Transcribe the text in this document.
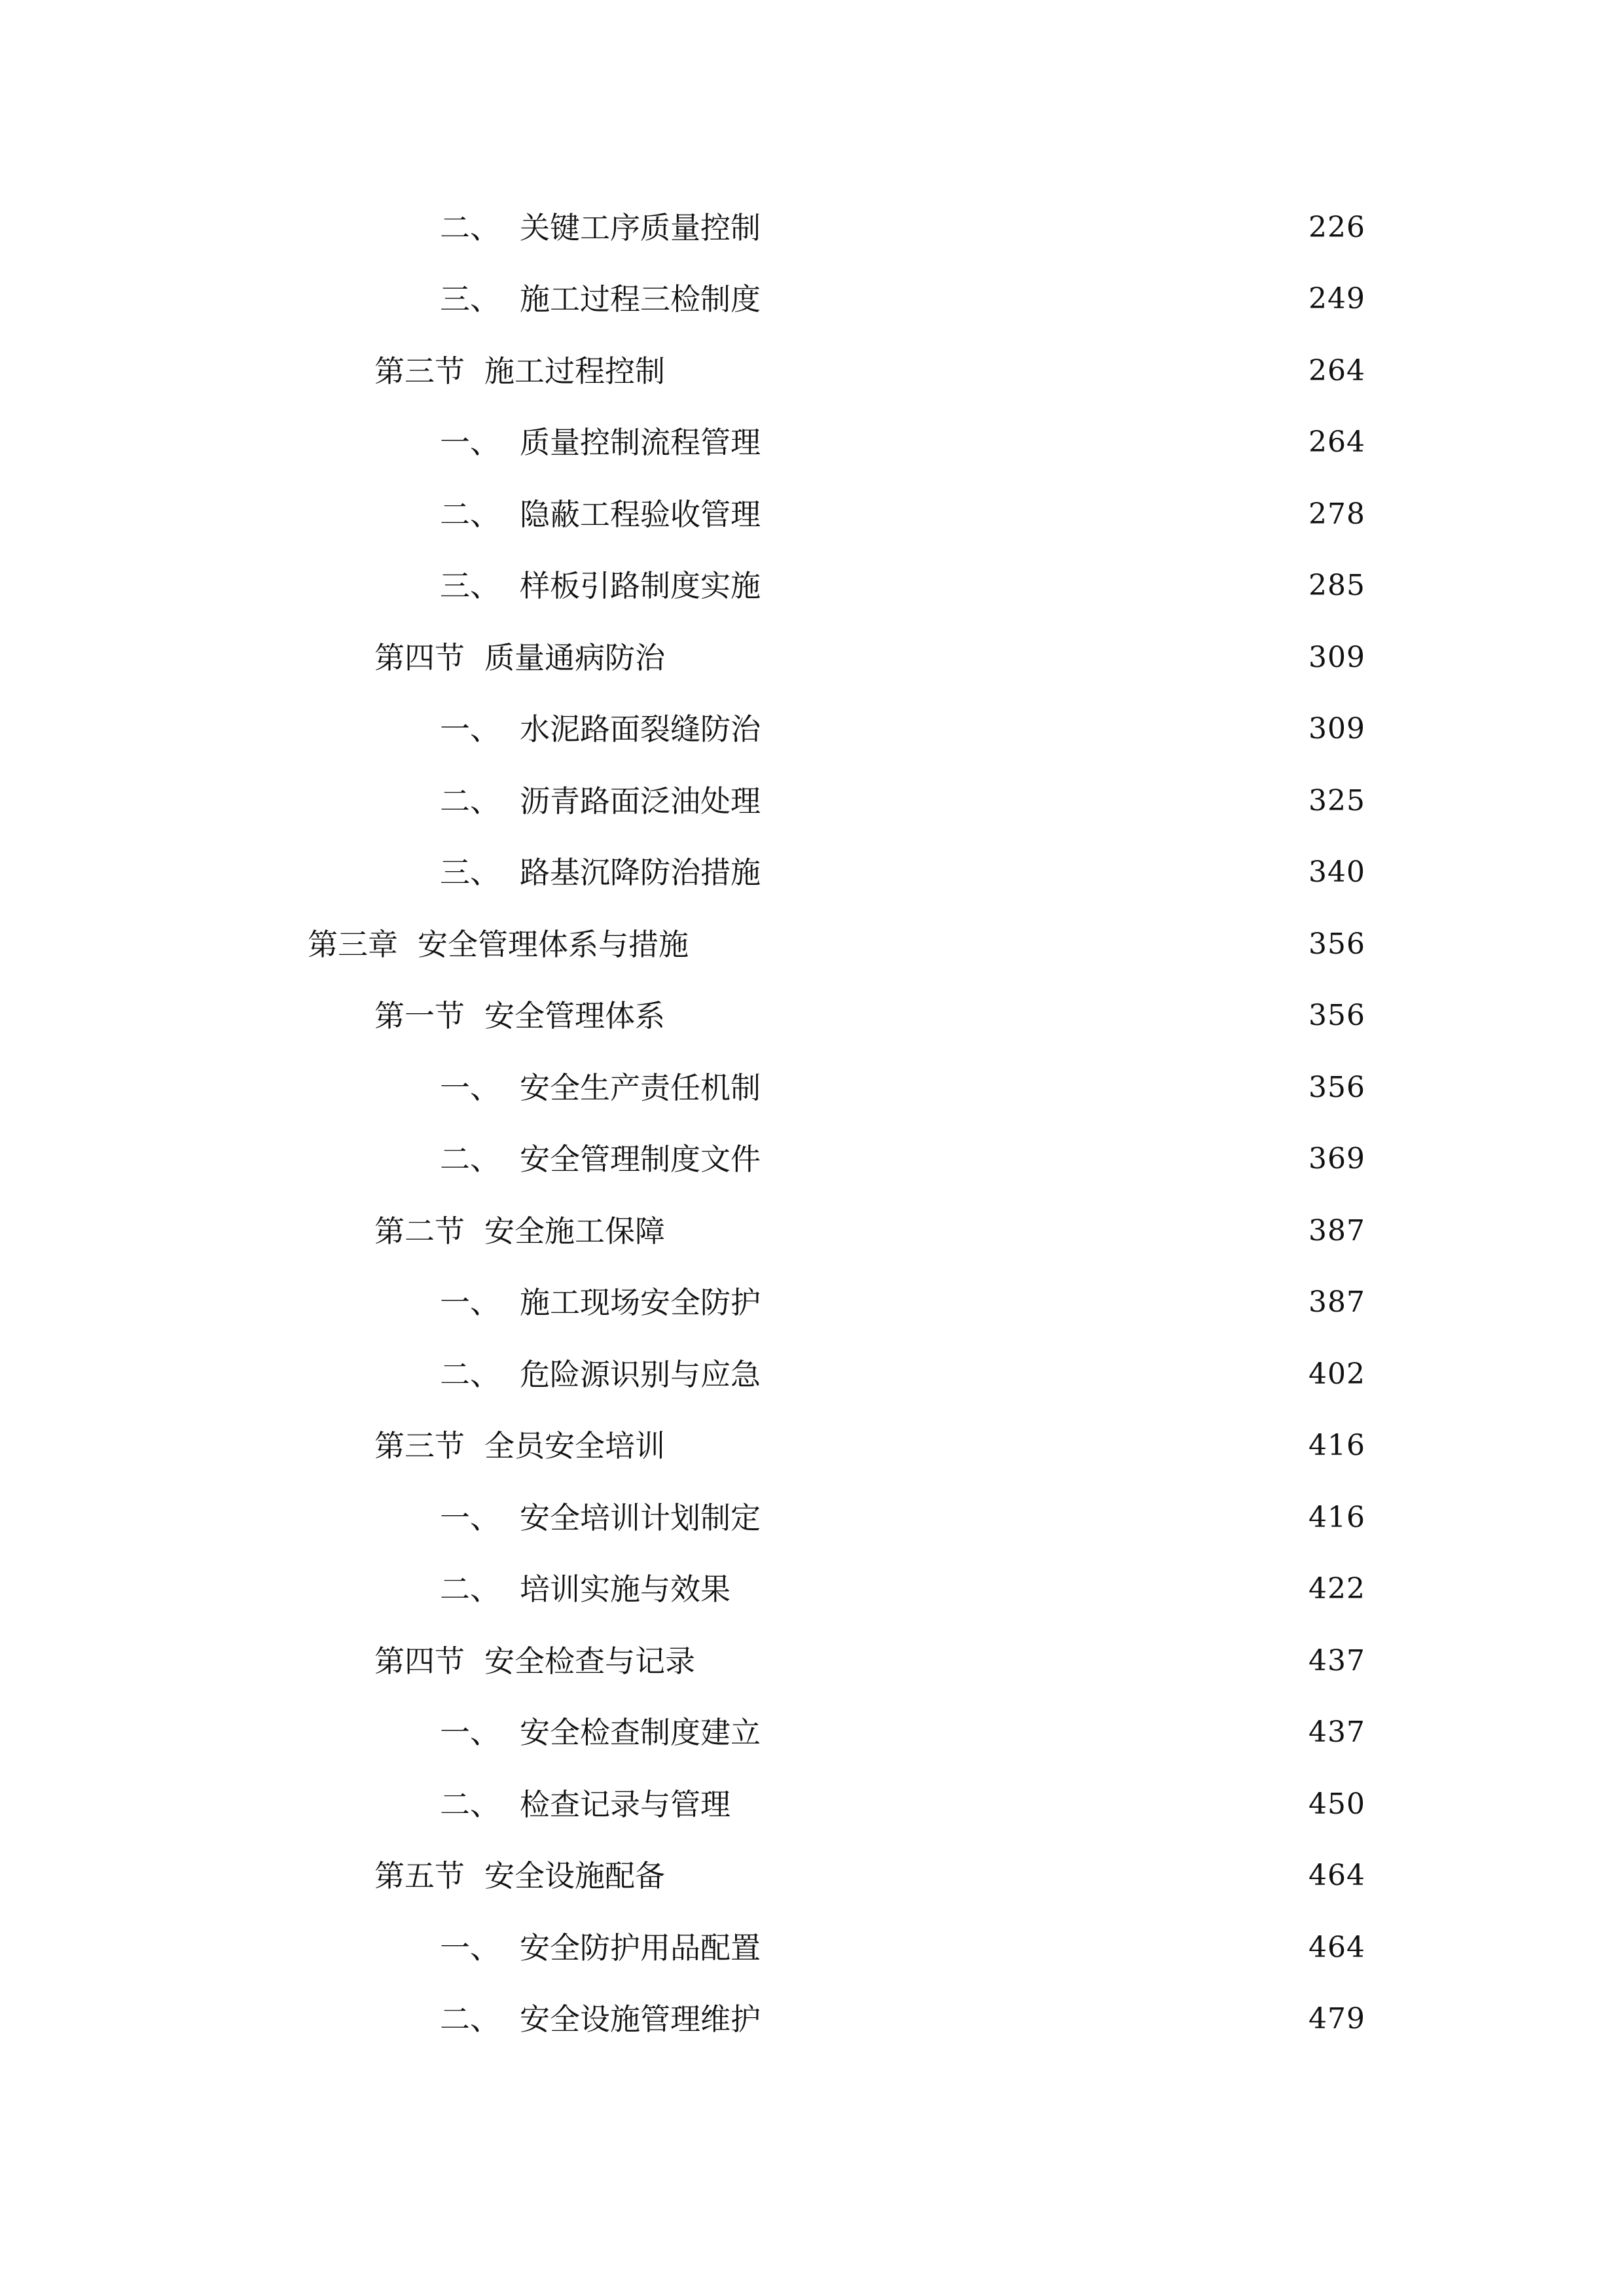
二、 关键工序质量控制	226
三、 施工过程三检制度	249
第三节 施工过程控制	264
一、 质量控制流程管理	264
二、 隐蔽工程验收管理	278
三、 样板引路制度实施	285
第四节 质量通病防治	309
一、 水泥路面裂缝防治	309
二、 沥青路面泛油处理	325
三、 路基沉降防治措施	340
第三章 安全管理体系与措施	356
第一节 安全管理体系	356
一、 安全生产责任机制	356
二、 安全管理制度文件	369
第二节 安全施工保障	387
一、 施工现场安全防护	387
二、 危险源识别与应急	402
第三节 全员安全培训	416
一、 安全培训计划制定	416
二、 培训实施与效果	422
第四节 安全检查与记录	437
一、 安全检查制度建立	437
二、 检查记录与管理	450
第五节 安全设施配备	464
一、 安全防护用品配置	464
二、 安全设施管理维护	479
